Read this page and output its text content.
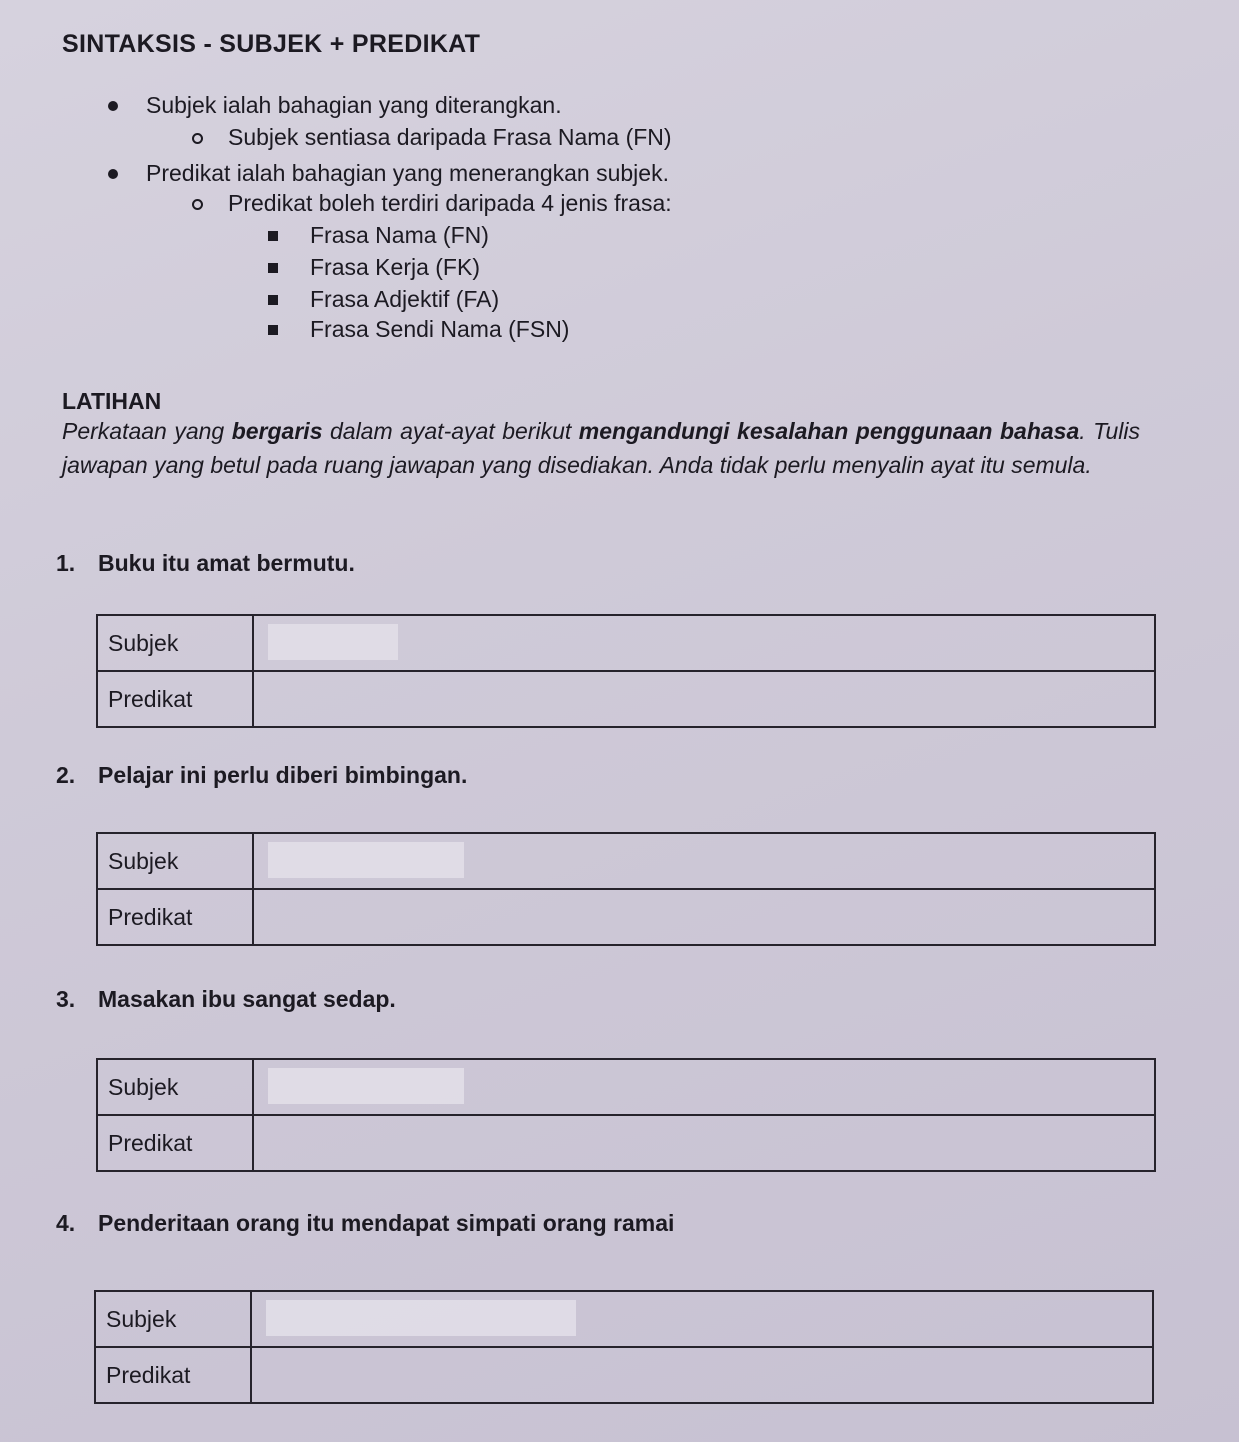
SINTAKSIS - SUBJEK + PREDIKAT
Subjek ialah bahagian yang diterangkan.
Subjek sentiasa daripada Frasa Nama (FN)
Predikat ialah bahagian yang menerangkan subjek.
Predikat boleh terdiri daripada 4 jenis frasa:
Frasa Nama (FN)
Frasa Kerja (FK)
Frasa Adjektif (FA)
Frasa Sendi Nama (FSN)
LATIHAN
Perkataan yang bergaris dalam ayat-ayat berikut mengandungi kesalahan penggunaan bahasa. Tulis jawapan yang betul pada ruang jawapan yang disediakan. Anda tidak perlu menyalin ayat itu semula.
1. Buku itu amat bermutu.
Subjek	

Predikat	
2. Pelajar ini perlu diberi bimbingan.
Subjek	

Predikat	
3. Masakan ibu sangat sedap.
Subjek	

Predikat	
4. Penderitaan orang itu mendapat simpati orang ramai
Subjek	

Predikat	
